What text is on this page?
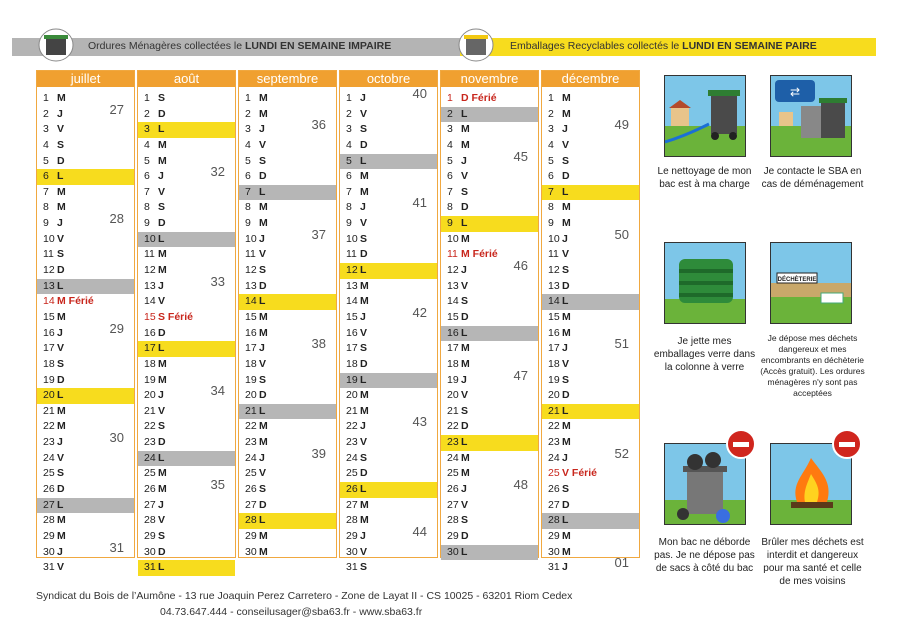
Ordures Ménagères collectées le LUNDI EN SEMAINE IMPAIRE	Emballages Recyclables collectés le LUNDI EN SEMAINE PAIRE
juillet
1 M
2 J	27
3 V
4 S
5 D
6 L
7 M
8 M
9 J	28
10 V
11 S
12 D
13 L
14 M Férié
15 M
16 J	29
17 V
18 S
19 D
20 L
21 M
22 M
23 J	30
24 V
25 S
26 D
27 L
28 M
29 M
30 J	31
31 V
août
1 S
2 D
3 L
4 M
5 M
6 J	32
7 V
8 S
9 D
10 L
11 M
12 M
13 J	33
14 V
15 S Férié
16 D
17 L
18 M
19 M
20 J	34
21 V
22 S
23 D
24 L
25 M
26 M	35
27 J
28 V
29 S
30 D
31 L
septembre
1 M
2 M
3 J	36
4 V
5 S
6 D
7 L
8 M
9 M
10 J	37
11 V
12 S
13 D
14 L
15 M
16 M
17 J	38
18 V
19 S
20 D
21 L
22 M
23 M
24 J	39
25 V
26 S
27 D
28 L
29 M
30 M
octobre
1 J	40
2 V
3 S
4 D
5 L
6 M
7 M
8 J	41
9 V
10 S
11 D
12 L
13 M
14 M
15 J	42
16 V
17 S
18 D
19 L
20 M
21 M
22 J	43
23 V
24 S
25 D
26 L
27 M
28 M
29 J	44
30 V
31 S
novembre
1 D Férié
2 L
3 M
4 M
5 J	45
6 V
7 S
8 D
9 L
10 M
11 M Férié
12 J	46
13 V
14 S
15 D
16 L
17 M
18 M
19 J	47
20 V
21 S
22 D
23 L
24 M
25 M
26 J	48
27 V
28 S
29 D
30 L
décembre
1 M
2 M
3 J	49
4 V
5 S
6 D
7 L
8 M
9 M
10 J	50
11 V
12 S
13 D
14 L
15 M
16 M
17 J	51
18 V
19 S
20 D
21 L
22 M
23 M
24 J	52
25 V Férié
26 S
27 D
28 L
29 M
30 M
31 J	01
Le nettoyage de mon bac est à ma charge
⇄
Je contacte le SBA en cas de déménagement
Je jette mes emballages verre dans la colonne à verre
DÉCHÈTERIE
Je dépose mes déchets dangereux et mes encombrants en déchèterie (Accès gratuit). Les ordures ménagères n'y sont pas acceptées
Mon bac ne déborde pas. Je ne dépose pas de sacs à côté du bac
Brûler mes déchets est interdit et dangereux pour ma santé et celle de mes voisins
Syndicat du Bois de l’Aumône - 13 rue Joaquin Perez Carretero - Zone de Layat II - CS 10025 - 63201 Riom Cedex
04.73.647.444 - conseilusager@sba63.fr - www.sba63.fr
